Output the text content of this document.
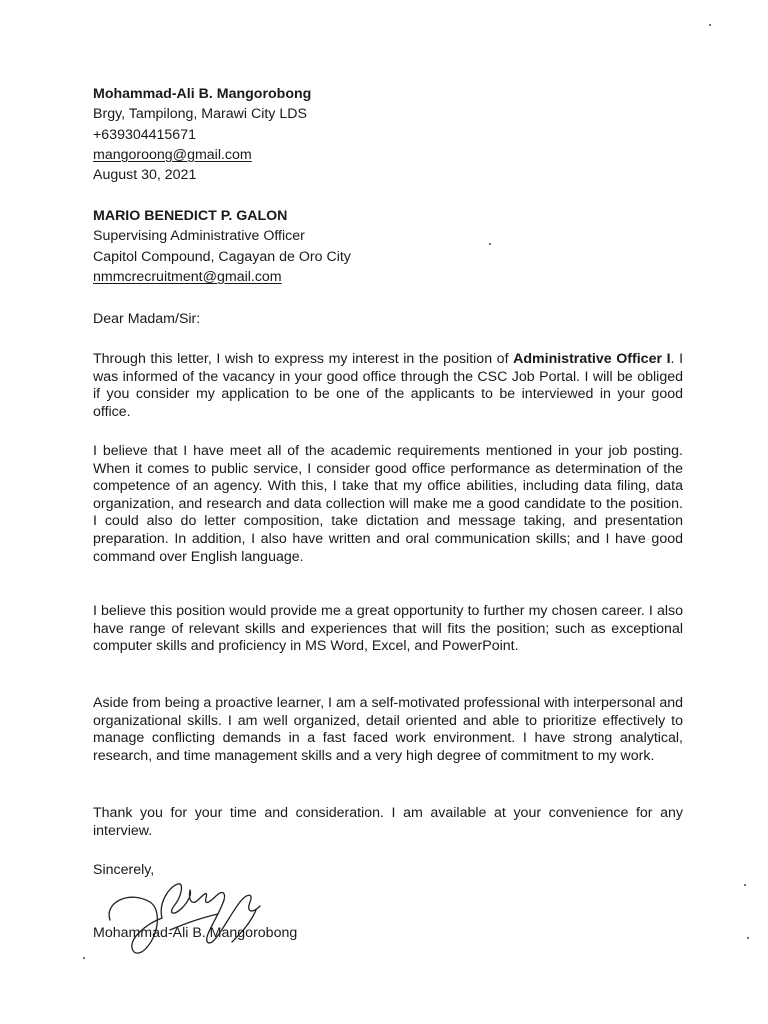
Mohammad-Ali B. Mangorobong
Brgy, Tampilong, Marawi City LDS
+639304415671
mangoroong@gmail.com
August 30, 2021
MARIO BENEDICT P. GALON
Supervising Administrative Officer
Capitol Compound, Cagayan de Oro City
nmmcrecruitment@gmail.com
Dear Madam/Sir:
Through this letter, I wish to express my interest in the position of Administrative Officer I. I was informed of the vacancy in your good office through the CSC Job Portal. I will be obliged if you consider my application to be one of the applicants to be interviewed in your good office.
I believe that I have meet all of the academic requirements mentioned in your job posting. When it comes to public service, I consider good office performance as determination of the competence of an agency. With this, I take that my office abilities, including data filing, data organization, and research and data collection will make me a good candidate to the position. I could also do letter composition, take dictation and message taking, and presentation preparation. In addition, I also have written and oral communication skills; and I have good command over English language.
I believe this position would provide me a great opportunity to further my chosen career. I also have range of relevant skills and experiences that will fits the position; such as exceptional computer skills and proficiency in MS Word, Excel, and PowerPoint.
Aside from being a proactive learner, I am a self-motivated professional with interpersonal and organizational skills. I am well organized, detail oriented and able to prioritize effectively to manage conflicting demands in a fast faced work environment. I have strong analytical, research, and time management skills and a very high degree of commitment to my work.
Thank you for your time and consideration. I am available at your convenience for any interview.
Sincerely,
Mohammad-Ali B. Mangorobong
